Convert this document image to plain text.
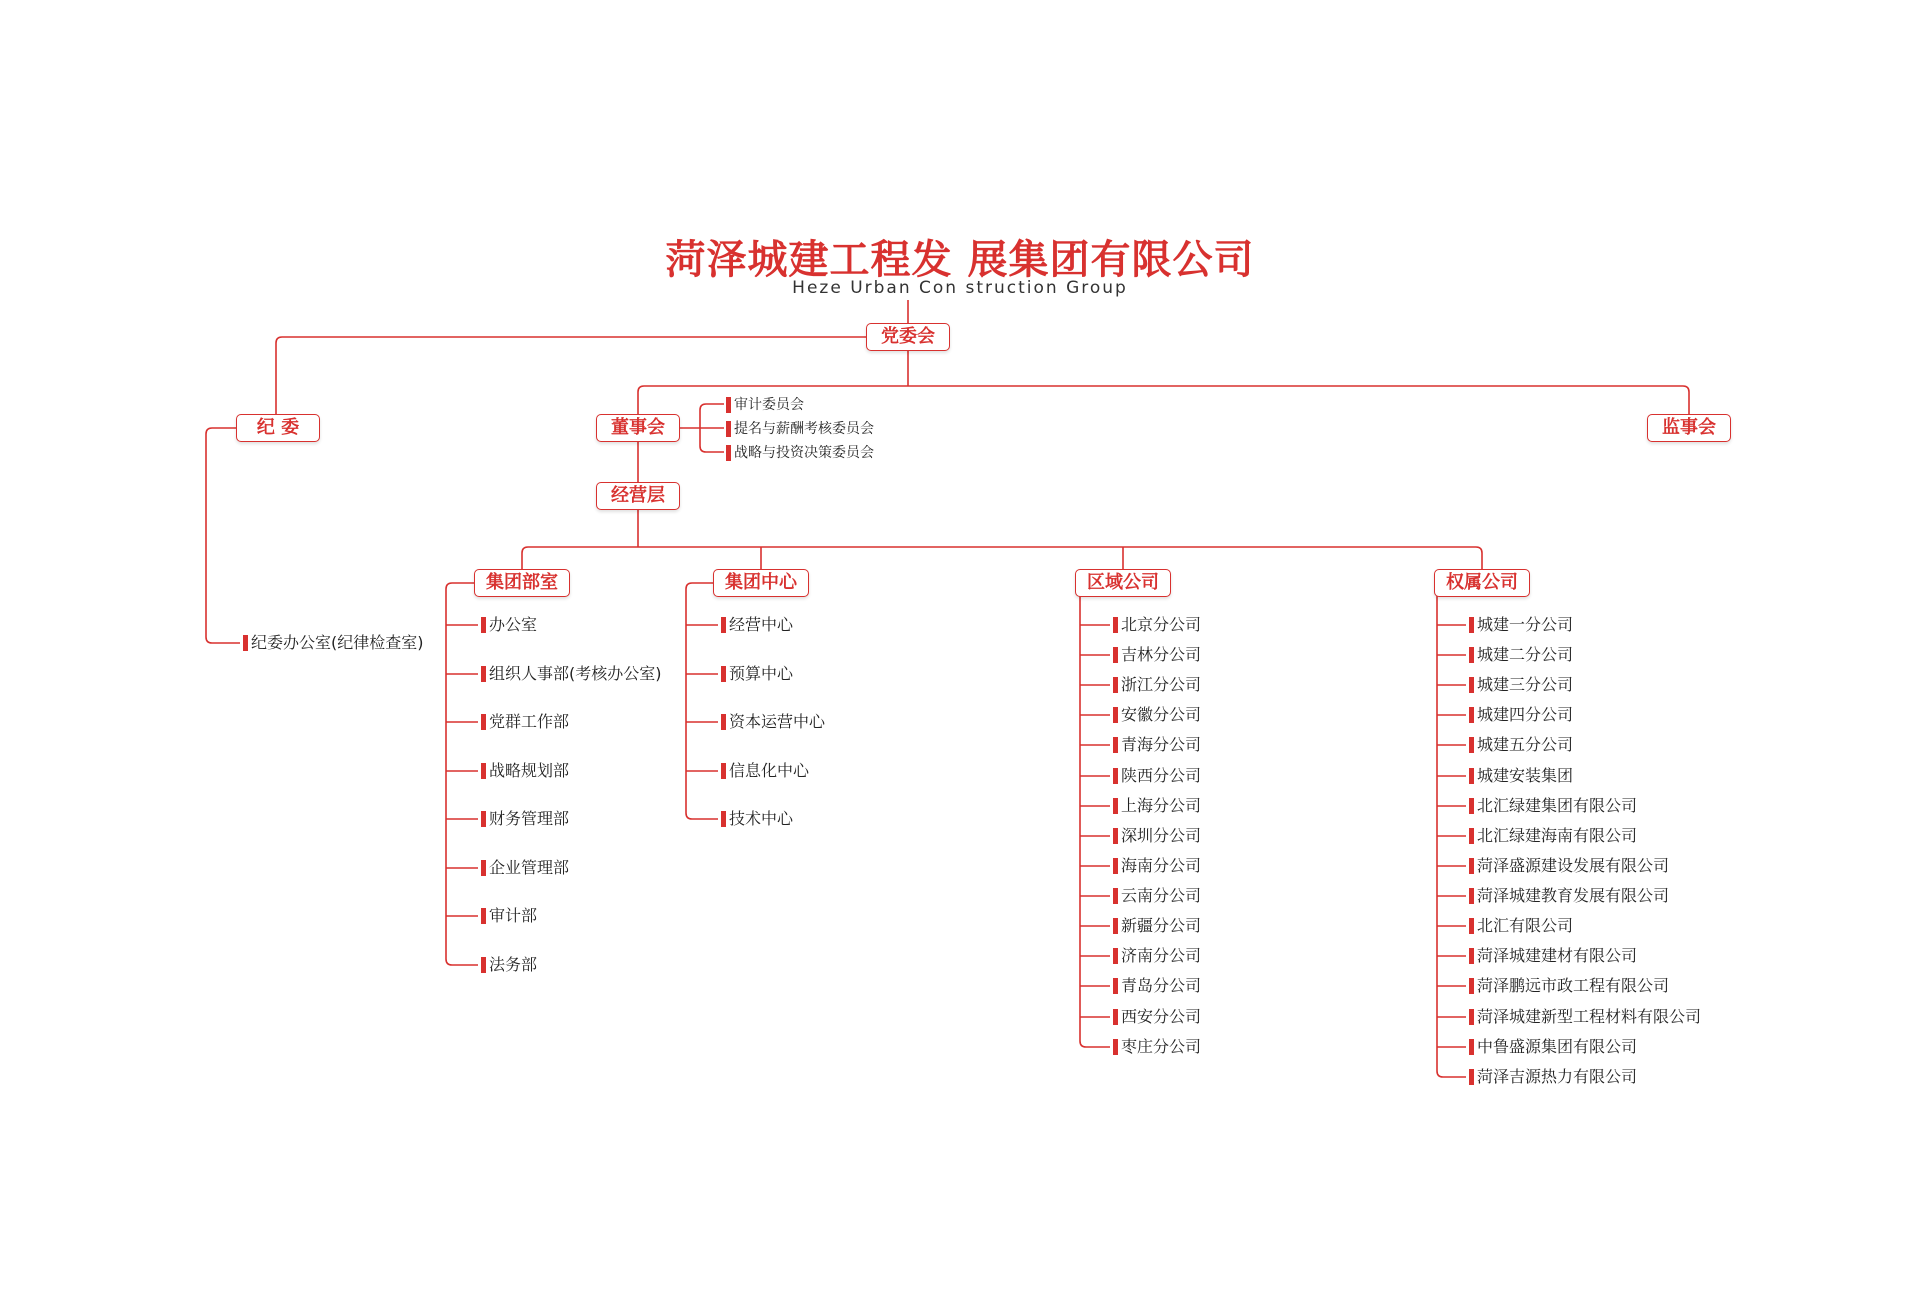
菏泽城建工程发 展集团有限公司
Heze Urban Con struction Group
党委会
纪 委	董事会	监事会
经营层
集团部室	集团中心	区域公司	权属公司
纪委办公室(纪律检查室)
审计委员会
提名与薪酬考核委员会
战略与投资决策委员会
办公室
组织人事部(考核办公室)
党群工作部
战略规划部
财务管理部
企业管理部
审计部
法务部
经营中心
预算中心
资本运营中心
信息化中心
技术中心
北京分公司
吉林分公司
浙江分公司
安徽分公司
青海分公司
陕西分公司
上海分公司
深圳分公司
海南分公司
云南分公司
新疆分公司
济南分公司
青岛分公司
西安分公司
枣庄分公司
城建一分公司
城建二分公司
城建三分公司
城建四分公司
城建五分公司
城建安装集团
北汇绿建集团有限公司
北汇绿建海南有限公司
菏泽盛源建设发展有限公司
菏泽城建教育发展有限公司
北汇有限公司
菏泽城建建材有限公司
菏泽鹏远市政工程有限公司
菏泽城建新型工程材料有限公司
中鲁盛源集团有限公司
菏泽吉源热力有限公司
